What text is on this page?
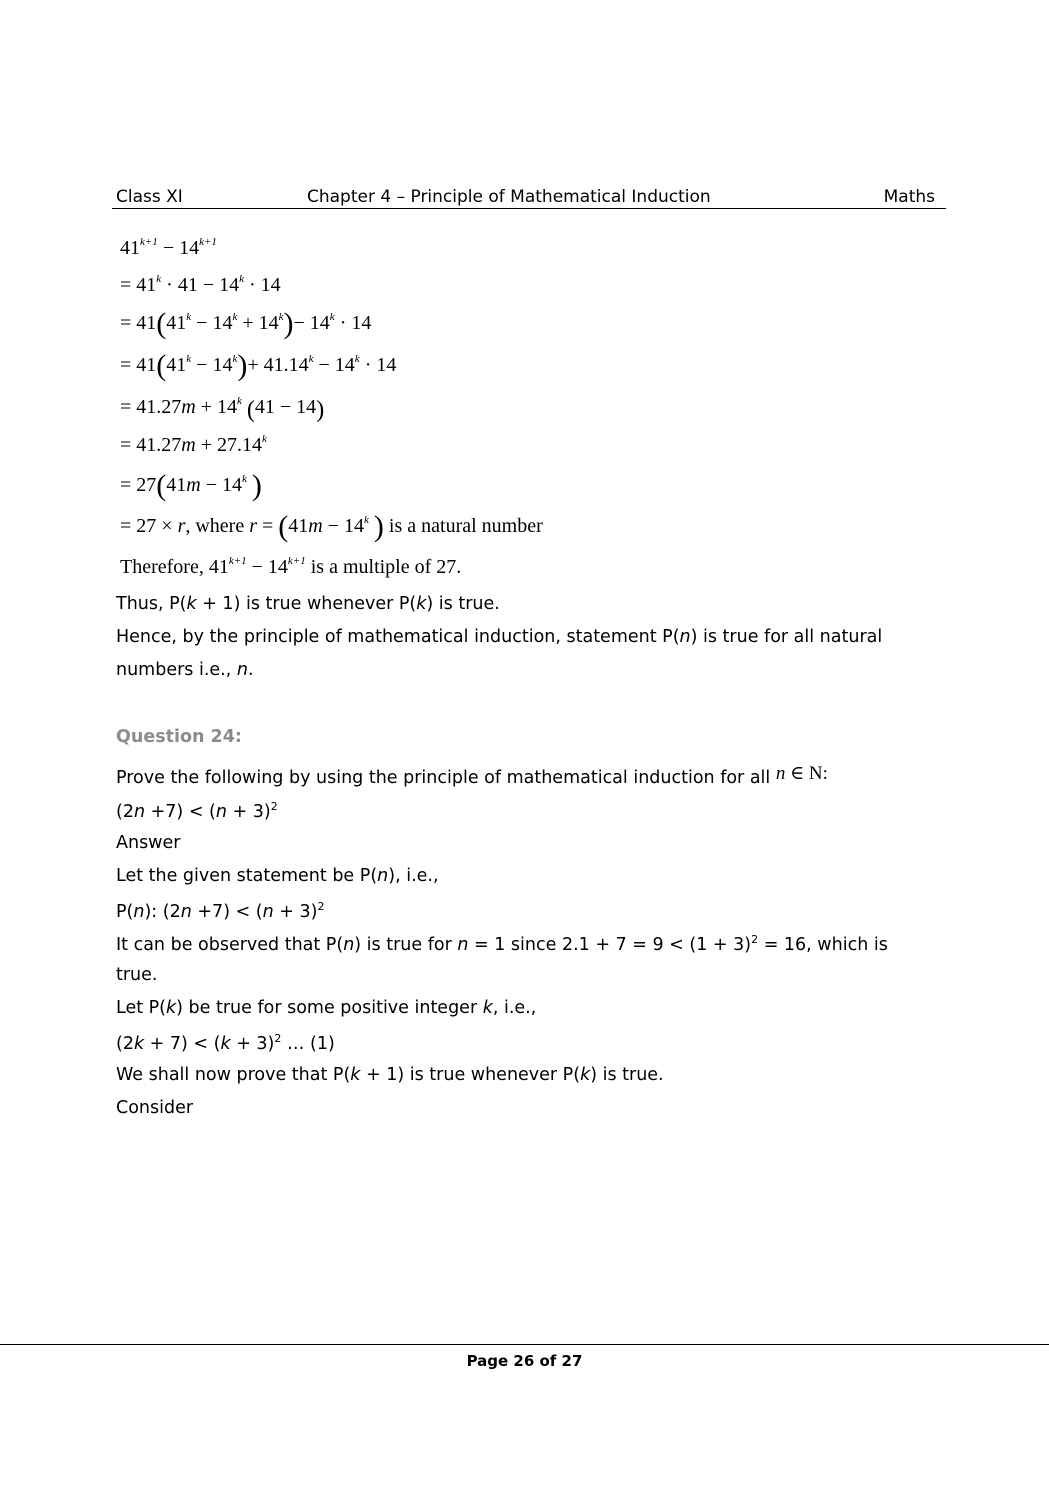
Class XI	Chapter 4 – Principle of Mathematical Induction	Maths
$41^{k+1} - 14^{k+1}$
= $41^k \cdot 41 - 14^k \cdot 14$
= $41(41^k - 14^k + 14^k)- 14^k \cdot 14$
= $41(41^k - 14^k)+ 41.14^k - 14^k \cdot 14$
= $41.27m + 14^k$ (41 − 14)
= $41.27m + 27.14^k$
= $27(41m - 14^k$ )
= 27 × r, where $r = (41m - 14^k$ ) is a natural number
Therefore, $41^{k+1} - 14^{k+1}$ is a multiple of 27.
Thus, P(k + 1) is true whenever P(k) is true.
Hence, by the principle of mathematical induction, statement P(n) is true for all natural
numbers i.e., n.
Question 24:
Prove the following by using the principle of mathematical induction for all n ∈ N:
$(2n +7) < (n + 3)^2$
Answer
Let the given statement be P(n), i.e.,
P(n): $(2n +7) < (n + 3)^2$
It can be observed that P(n) is true for n = 1 since $2.1 + 7 = 9 < (1 + 3)^2 = 16$, which is
true.
Let P(k) be true for some positive integer k, i.e.,
$(2k + 7) < (k + 3)^2$ … (1)
We shall now prove that P(k + 1) is true whenever P(k) is true.
Consider
Page 26 of 27
